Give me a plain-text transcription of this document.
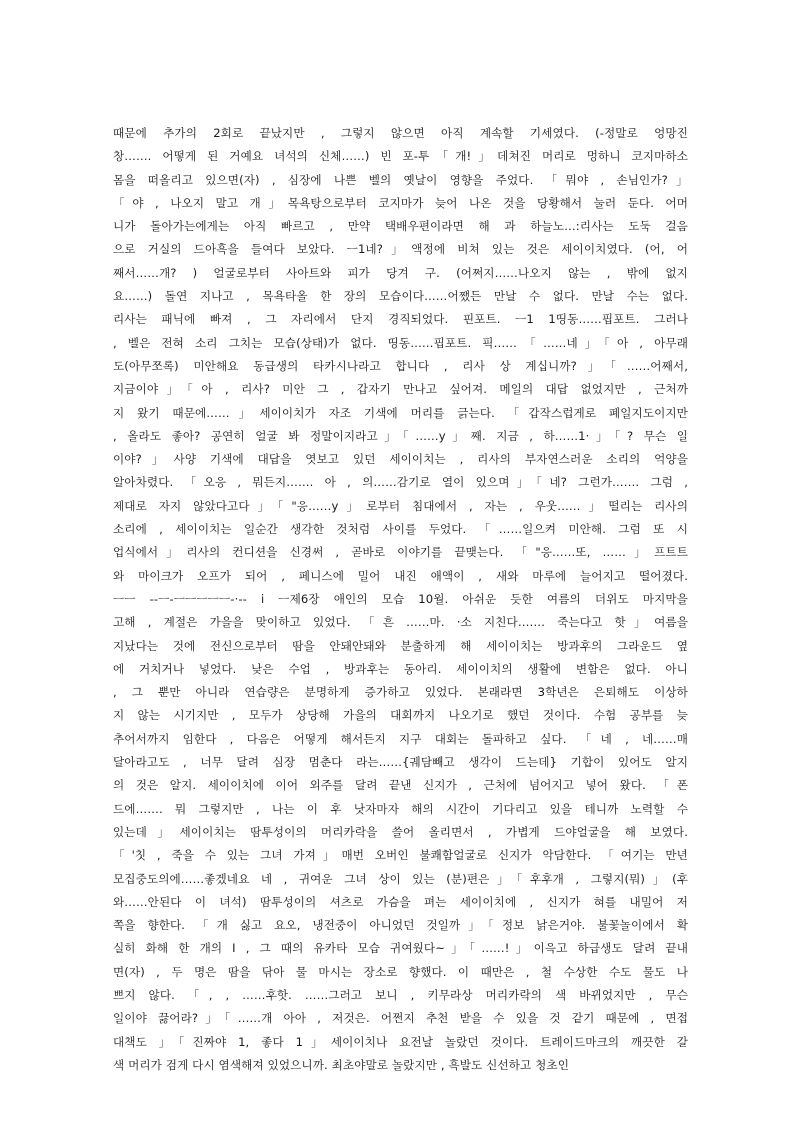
때문에 추가의 2회로 끝났지만 , 그렇지 않으면 아직 계속할 기세였다. (-정말로 엉망진
창……. 어떻게 된 거예요 녀석의 신체……) 빈 포-투「개!」데쳐진 머리로 멍하니 코지마하소
몸을 떠올리고 있으면(자) , 심장에 나쁜 벨의 옛날이 영향을 주었다. 「뭐야 , 손님인가?」
「야 , 나오지 말고 개」목욕탕으로부터 코지마가 늦어 나온 것을 당황해서 눌러 둔다. 어머
니가 돌아가는에게는 아직 빠르고 , 만약 택배우편이라면 해 과 하늘노…:리사는 도둑 걸음
으로 거실의 드아흑을 들여다 보았다. ㅡ1네?」액정에 비쳐 있는 것은 세이이치였다. (어, 어
째서……개? ) 얼굴로부터 사아트와 피가 당겨 구. (어쩌지……나오지 않는 , 밖에 없지
요……) 돌연 지나고 , 목욕타올 한 장의 모습이다……어쨌든 만날 수 없다. 만날 수는 없다.
리사는 패닉에 빠져 , 그 자리에서 단지 경직되었다. 핀포트. ㅡ1 1띵동……핍포트. 그러나
, 벨은 전혀 소리 그치는 모습(상태)가 없다. 띵동……핍포트. 픽……「……네」「아 , 아무래
도(아무쪼록) 미안해요 동급생의 타카시나라고 합니다 , 리사 상 계십니까?」「……어째서,
지금이야」「아 , 리사? 미안 그 , 갑자기 만나고 싶어져. 메일의 대답 없었지만 , 근처까
지 왔기 때문에……」세이이치가 자조 기색에 머리를 긁는다. 「갑작스럽게로 폐일지도이지만
, 올라도 좋아? 공연히 얼굴 봐 정말이지라고」「……y」째. 지금 , 하……1·」「? 무슨 일
이야?」사양 기색에 대답을 엿보고 있던 세이이치는 , 리사의 부자연스러운 소리의 억양을
알아차렸다. 「오응 , 뭐든지……. 아 , 의……감기로 열이 있으며」「네? 그런가……. 그럼 ,
제대로 자지 않았다고다」「"응……y」로부터 침대에서 , 자는 , 우웃……」떨리는 리사의
소리에 , 세이이치는 일순간 생각한 것처럼 사이를 두었다. 「……일으켜 미안해. 그럼 또 시
업식에서」리사의 컨디션을 신경써 , 곧바로 이야기를 끝맺는다. 「"응……또, ……」프트트
와 마이크가 오프가 되어 , 페니스에 밀어 내진 애액이 , 새와 마루에 늘어지고 떨어졌다.
ㅡㅡ --ㅡ-ㅡㅡㅡㅡㅡ-·-- i ㅡ제6장 애인의 모습 10월. 아쉬운 듯한 여름의 더위도 마지막을
고해 , 계절은 가을을 맞이하고 있었다. 「흔 ……마. ·소 지친다……. 죽는다고 핫」여름을
지났다는 것에 전신으로부터 땀을 안돼안돼와 분출하게 해 세이이치는 방과후의 그라운드 옆
에 거치거나 넣었다. 낮은 수업 , 방과후는 동아리. 세이이치의 생활에 변함은 없다. 아니
, 그 뿐만 아니라 연습량은 분명하게 증가하고 있었다. 본래라면 3학년은 은퇴해도 이상하
지 않는 시기지만 , 모두가 상당해 가을의 대회까지 나오기로 했던 것이다. 수험 공부를 늦
추어서까지 임한다 , 다음은 어떻게 해서든지 지구 대회는 돌파하고 싶다. 「네 , 네……매
달아라고도 , 너무 달려 심장 멈춘다 라는……{궤담빼고 생각이 드는데} 기합이 있어도 알지
의 것은 알지. 세이이치에 이어 외주를 달려 끝낸 신지가 , 근처에 넘어지고 넣어 왔다. 「폰
드에……. 뭐 그렇지만 , 나는 이 후 낫자마자 해의 시간이 기다리고 있을 테니까 노력할 수
있는데」세이이치는 땀투성이의 머리카락을 쓸어 올리면서 , 가볍게 드야얼굴을 해 보였다.
「'칫 , 죽을 수 있는 그녀 가져」매번 오버인 불쾌함얼굴로 신지가 악담한다. 「여기는 만년
모집중도의에……좋겠네요 네 , 귀여운 그녀 상이 있는 (분)편은」「후후개 , 그렇지(뭐)」(후
와……안된다 이 녀석) 땀투성이의 셔츠로 가슴을 펴는 세이이치에 , 신지가 혀를 내밀어 저
쪽을 향한다. 「개 싫고 요오, 냉전중이 아니었던 것일까」「정보 낡은거야. 불꽃놀이에서 확
실히 화해 한 개의 I , 그 때의 유카타 모습 귀여웠다~」「……!」이윽고 하급생도 달려 끝내
면(자) , 두 명은 땀을 닦아 물 마시는 장소로 향했다. 이 때만은 , 철 수상한 수도 물도 나
쁘지 않다. 「, , ……후핫. ……그러고 보니 , 키무라상 머리카락의 색 바뀌었지만 , 무슨
일이야 끓어라?」「……개 아아 , 저것은. 어쩐지 추천 받을 수 있을 것 같기 때문에 , 면접
대책도 」「진짜야 1, 좋다 1」세이이치나 요전날 놀랐던 것이다. 트레이드마크의 깨끗한 갈
색 머리가 검게 다시 염색해져 있었으니까. 최초야말로 놀랐지만 , 흑발도 신선하고 청초인
